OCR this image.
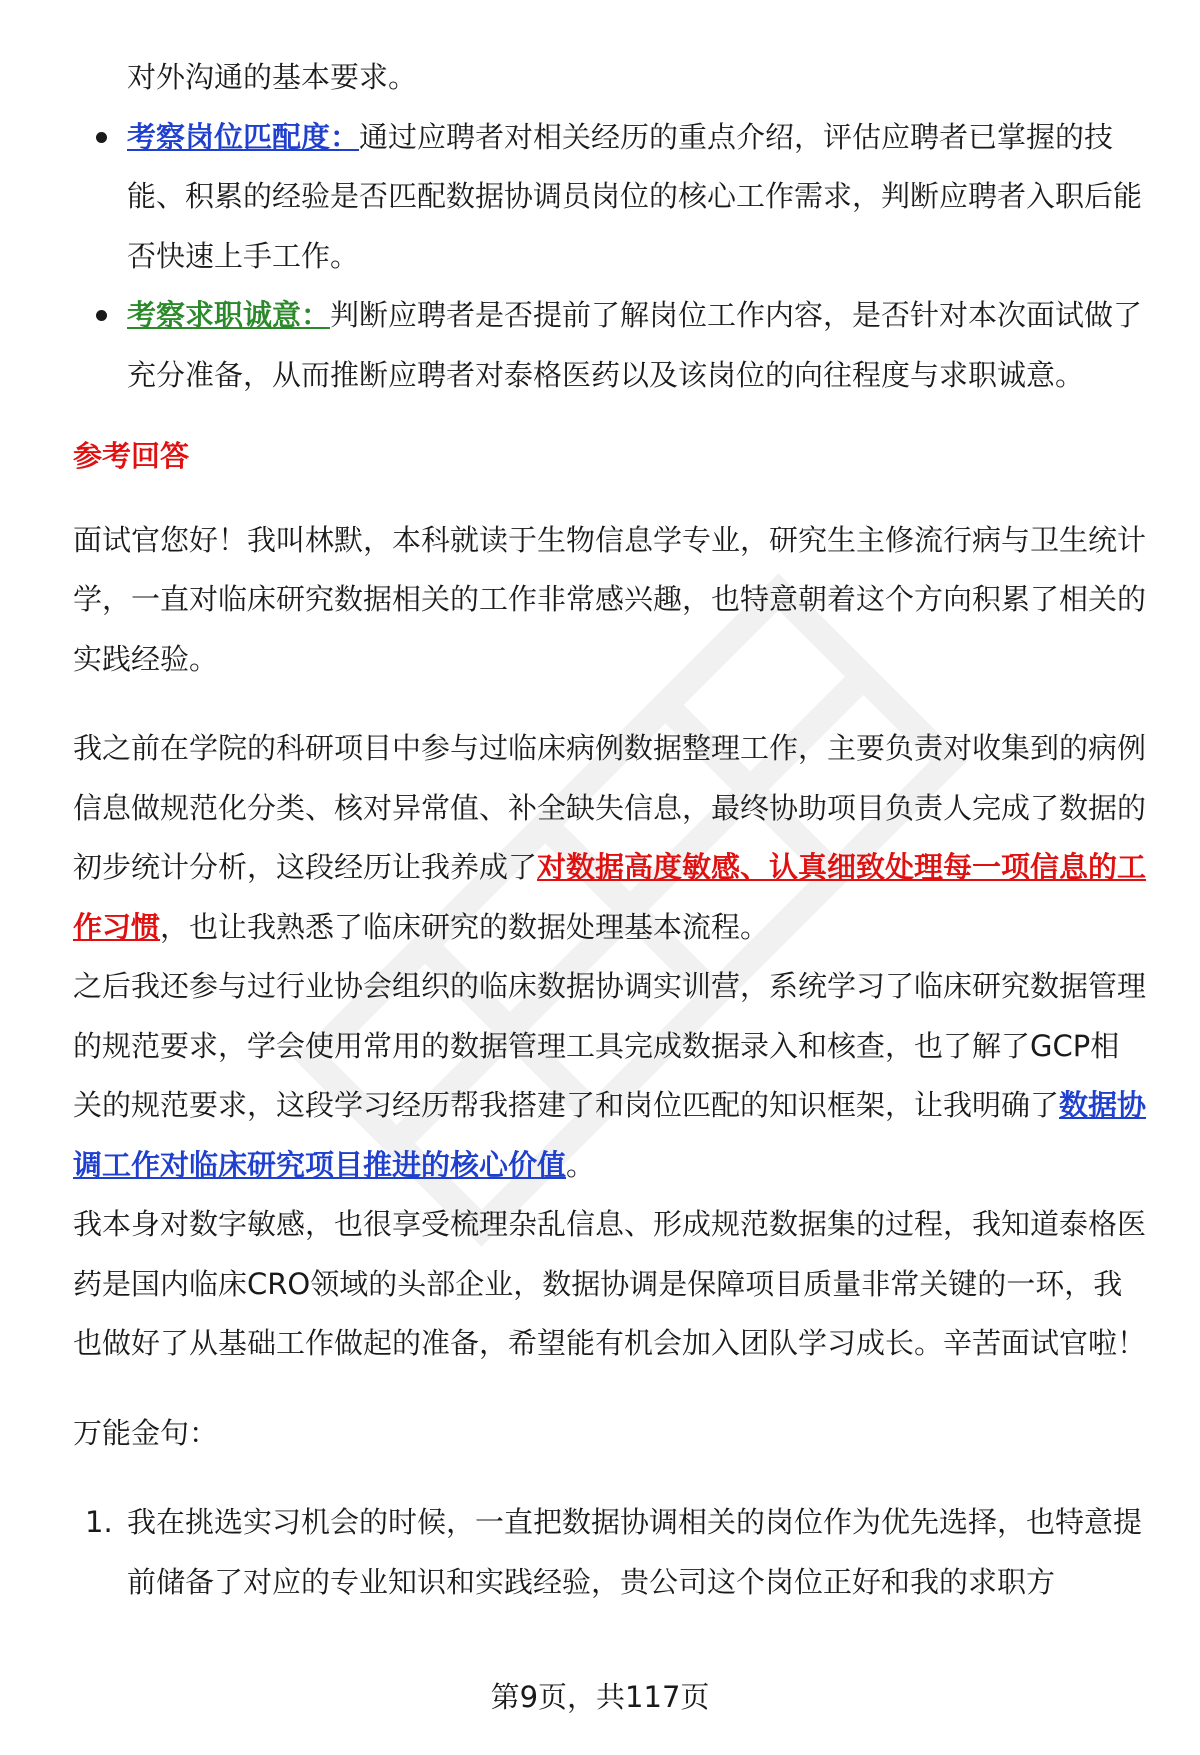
对外沟通的基本要求。

考察岗位匹配度：通过应聘者对相关经历的重点介绍，评估应聘者已掌握的技能、积累的经验是否匹配数据协调员岗位的核心工作需求，判断应聘者入职后能否快速上手工作。
考察求职诚意：判断应聘者是否提前了解岗位工作内容，是否针对本次面试做了充分准备，从而推断应聘者对泰格医药以及该岗位的向往程度与求职诚意。

参考回答

面试官您好！我叫林默，本科就读于生物信息学专业，研究生主修流行病与卫生统计学，一直对临床研究数据相关的工作非常感兴趣，也特意朝着这个方向积累了相关的实践经验。

我之前在学院的科研项目中参与过临床病例数据整理工作，主要负责对收集到的病例信息做规范化分类、核对异常值、补全缺失信息，最终协助项目负责人完成了数据的初步统计分析，这段经历让我养成了对数据高度敏感、认真细致处理每一项信息的工作习惯，也让我熟悉了临床研究的数据处理基本流程。

之后我还参与过行业协会组织的临床数据协调实训营，系统学习了临床研究数据管理的规范要求，学会使用常用的数据管理工具完成数据录入和核查，也了解了GCP相关的规范要求，这段学习经历帮我搭建了和岗位匹配的知识框架，让我明确了数据协调工作对临床研究项目推进的核心价值。

我本身对数字敏感，也很享受梳理杂乱信息、形成规范数据集的过程，我知道泰格医药是国内临床CRO领域的头部企业，数据协调是保障项目质量非常关键的一环，我也做好了从基础工作做起的准备，希望能有机会加入团队学习成长。辛苦面试官啦！

万能金句：

1. 我在挑选实习机会的时候，一直把数据协调相关的岗位作为优先选择，也特意提前储备了对应的专业知识和实践经验，贵公司这个岗位正好和我的求职方
第9页，共117页
